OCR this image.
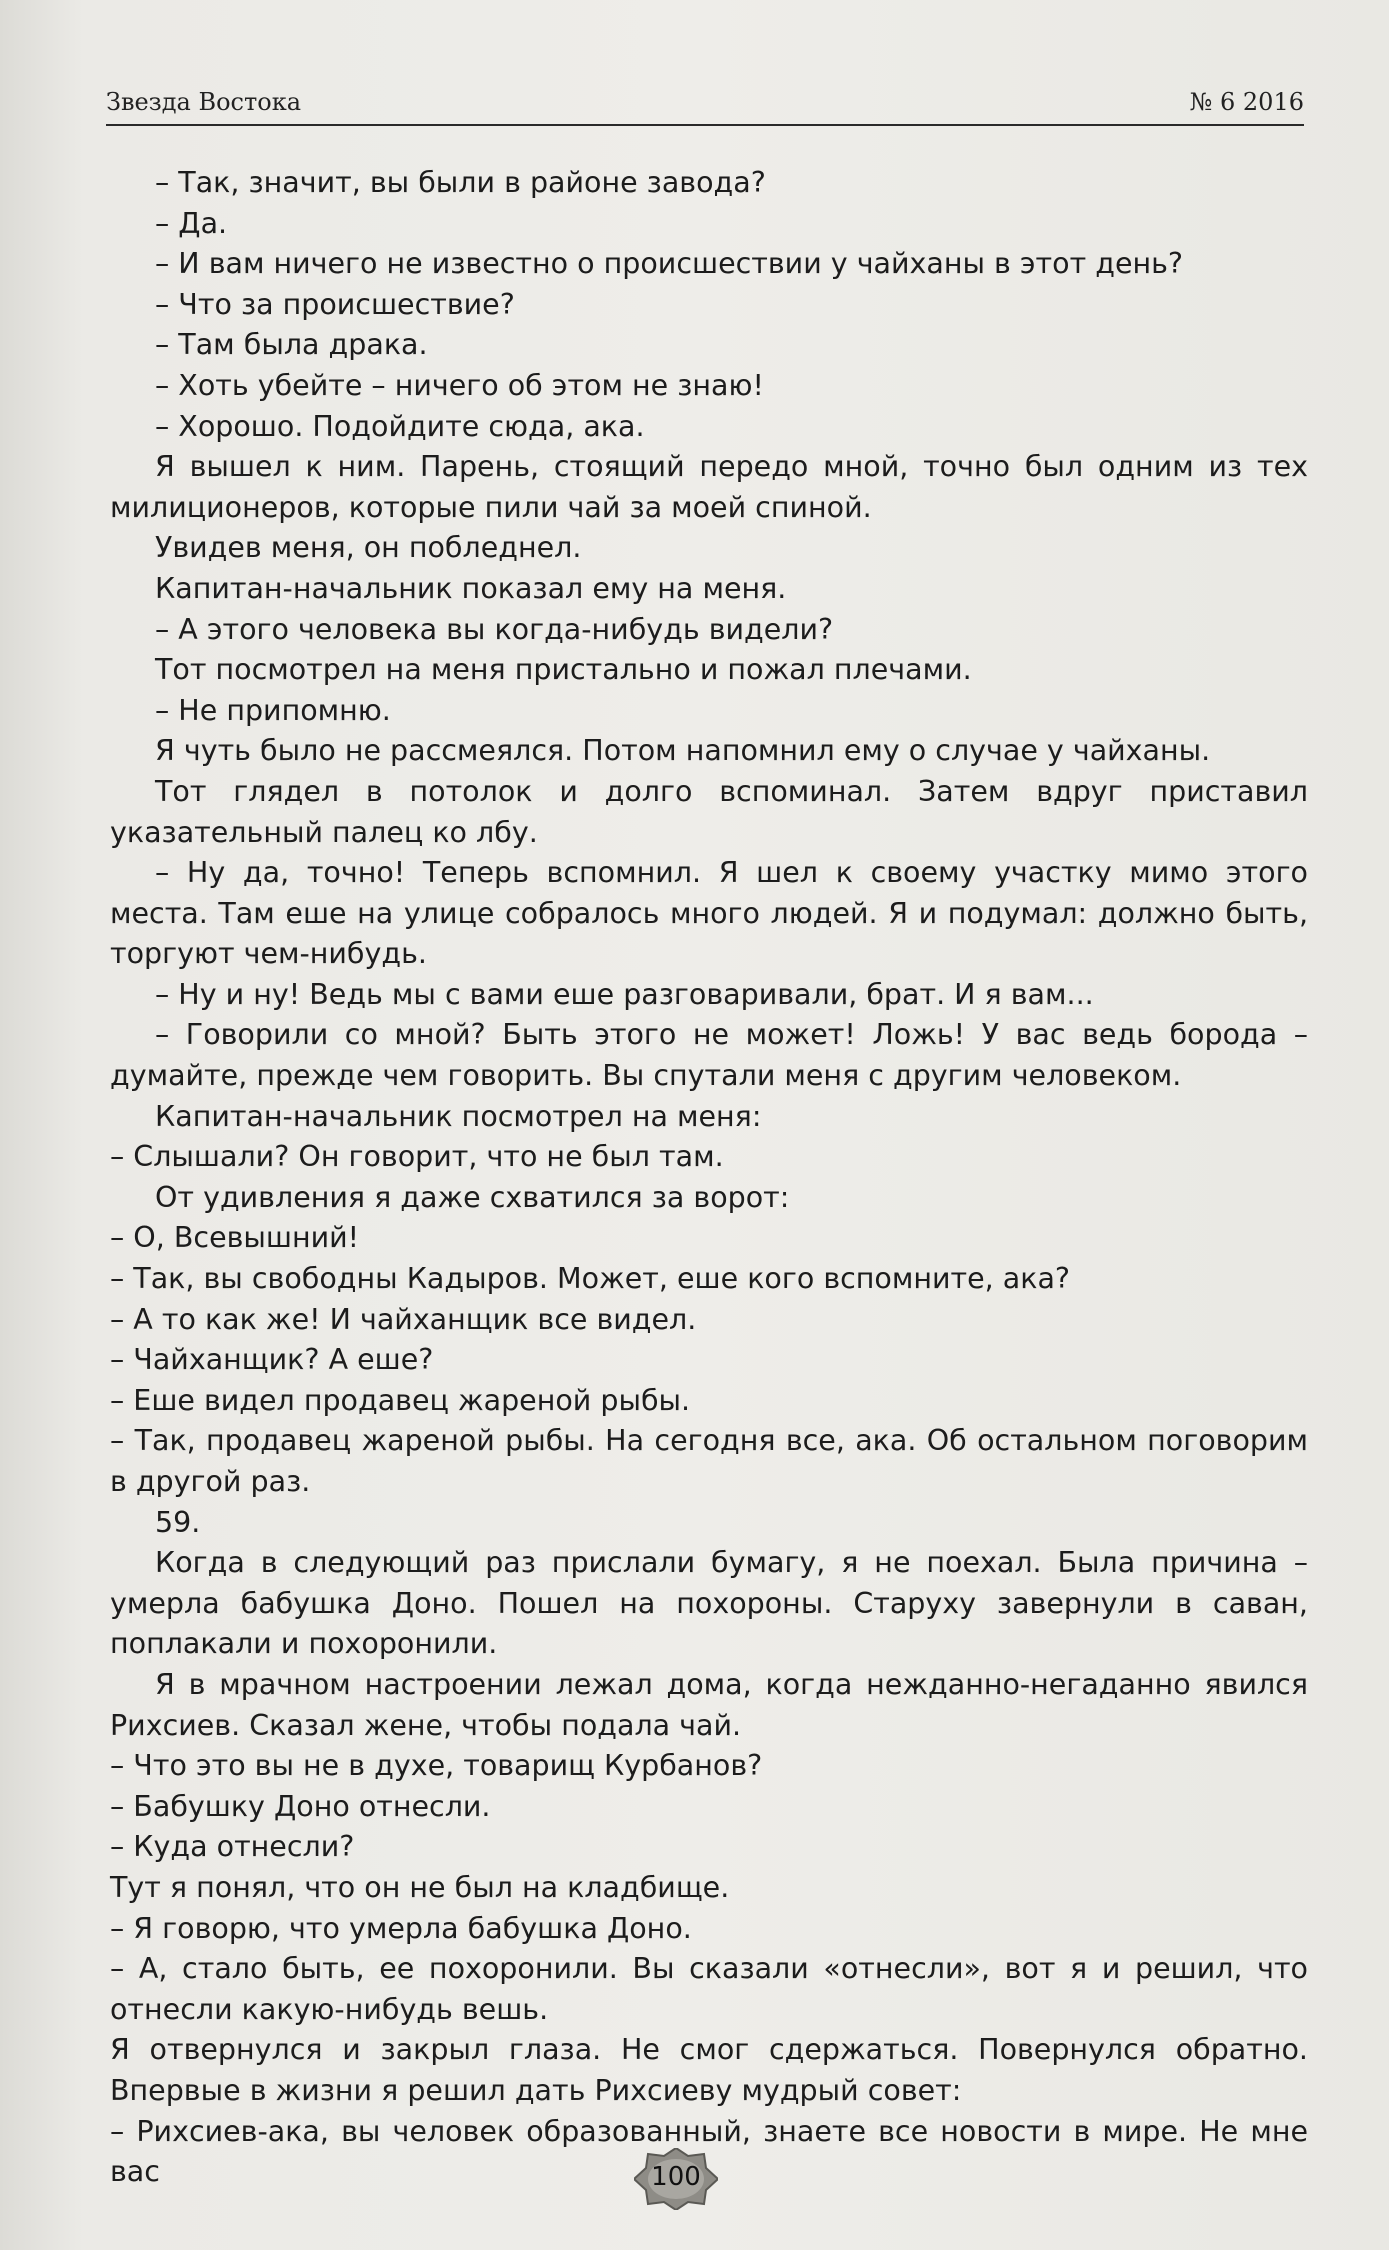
Звезда Востока	№ 6 2016

– Так, значит, вы были в районе завода?

– Да.

– И вам ничего не известно о происшествии у чайханы в этот день?

– Что за происшествие?

– Там была драка.

– Хоть убейте – ничего об этом не знаю!

– Хорошо. Подойдите сюда, ака.

Я вышел к ним. Парень, стоящий передо мной, точно был одним из тех милиционеров, которые пили чай за моей спиной.

Увидев меня, он побледнел.

Капитан-начальник показал ему на меня.

– А этого человека вы когда-нибудь видели?

Тот посмотрел на меня пристально и пожал плечами.

– Не припомню.

Я чуть было не рассмеялся. Потом напомнил ему о случае у чайханы.

Тот глядел в потолок и долго вспоминал. Затем вдруг приставил указательный палец ко лбу.

– Ну да, точно! Теперь вспомнил. Я шел к своему участку мимо этого места. Там еше на улице собралось много людей. Я и подумал: должно быть, торгуют чем-нибудь.

– Ну и ну! Ведь мы с вами еше разговаривали, брат. И я вам...

– Говорили со мной? Быть этого не может! Ложь! У вас ведь борода – думайте, прежде чем говорить. Вы спутали меня с другим человеком.

Капитан-начальник посмотрел на меня:

– Слышали? Он говорит, что не был там.

От удивления я даже схватился за ворот:

– О, Всевышний!

– Так, вы свободны Кадыров. Может, еше кого вспомните, ака?

– А то как же! И чайханщик все видел.

– Чайханщик? А еше?

– Еше видел продавец жареной рыбы.

– Так, продавец жареной рыбы. На сегодня все, ака. Об остальном поговорим в другой раз.

59.

Когда в следующий раз прислали бумагу, я не поехал. Была причина – умерла бабушка Доно. Пошел на похороны. Старуху завернули в саван, поплакали и похоронили.

Я в мрачном настроении лежал дома, когда нежданно-негаданно явился Рихсиев. Сказал жене, чтобы подала чай.

– Что это вы не в духе, товарищ Курбанов?

– Бабушку Доно отнесли.

– Куда отнесли?

Тут я понял, что он не был на кладбище.

– Я говорю, что умерла бабушка Доно.

– А, стало быть, ее похоронили. Вы сказали «отнесли», вот я и решил, что отнесли какую-нибудь вешь.

Я отвернулся и закрыл глаза. Не смог сдержаться. Повернулся обратно. Впервые в жизни я решил дать Рихсиеву мудрый совет:

– Рихсиев-ака, вы человек образованный, знаете все новости в мире. Не мне вас	100
